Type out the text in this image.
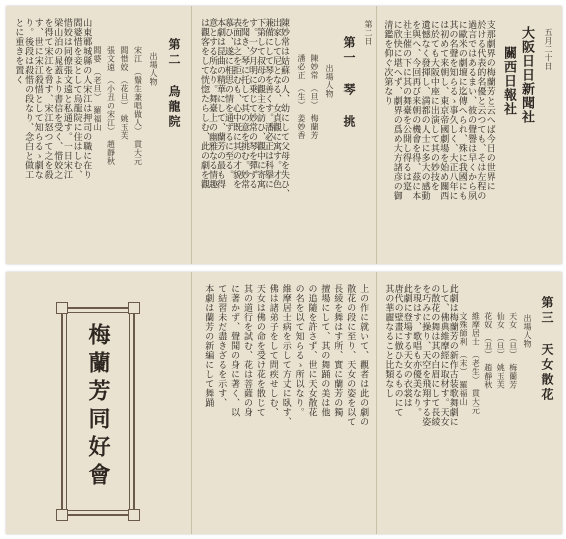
五月二十日
大阪日日新聞社
關西日報社
支那劇界の梅蘭芳と云へば今日の世界に
於ける代表的名優と云つても、そは左程の
過言ではあるまい、彼の聲譽は早くから夙
に歐米の劇壇に迄傳へられ、殊に我國にも
其の名聲を知らるゝ事久しく、大正八年に
は初めて来朝し、東京帝國劇場を始め關西
に於ても大阪中座に出演して其の妙技を
遺憾なく發揮し、満都の人士に多大の感動
を與へ、今回再び来朝の機會を得、茲に本
社主催の下に其の舞臺を公開し得るは寔
に欣快に堪へず、劇界の爲め大方諸彦の御
清鑑を仰ぐ次第なり
第二日
第一 琴 挑
出場人物
陳妙常　（旦）　梅蘭芳
潘必正　（生）　姜妙香
陳妙常は姑蘇の人、幼にして父母を失ひ、
出家して尼となる、女貞觀に寓す。才色
兼備にして琴を善くす。潘必正は科擧に
下第して叔母の觀主を訪ひ、觀中に寄寓
す。一夕月明に乗じて妙常の琴を彈ずる
を聞き、琴に托して其の意を挑む。妙常
表面は之を拒むも、心中既に其の才貌を
慕ひ、遂に相思の情を通ずるに至る。
本劇は昆曲の精華にして、蘭芳の最も得
意とする所なり。舞臺上の幽雅なる情趣
は觀客をして恍惚たらしむ、此の劇を觀
第二 烏龍院
出場人物
宋江　（鬚生兼唱做人）　貫大元
閻惜姣　（花旦）　姚玉芙
張文遠　（小丑の宋江）　趙靜秋
閻婆　（老旦）　羅福山
山東鄆城縣の人宋江は押司の職に在り
閻婆惜を妾として烏龍院に住はしむ、
惜姣は同僚張文遠と私通す。一日宋江
梁山泊の晁蓋より書信を受く、惜姣之
を得て宋江を脅す、宋江怒つて之を殺
す、世に宋江殺惜として知らるゝ劇な
り。後段は殺惜の段なり、念白と做工
とに重きを置く
梅蘭芳同好會	上の作に就いて、觀者は此の劇の
散花の段に至り、天女の姿を以て
長綾を舞はす所、實に蘭芳の獨
擅場にして、其の舞踊の美は他
の追隨を許さず、世に天女散花
の名を以て知らるゝ所以なり。
維摩居士病を示して方丈に臥す、
佛は諸弟子をして問疾せしむ、
天女は佛の命を受け花を散じて
其の道行を試む、花は菩薩の身
に著かず、聲聞の身に著く、以
て結習未だ盡きざるを示す、
本劇は蘭芳の新編にして舞踊	第三 天女散花
出場人物
天女　（旦）　梅蘭芳
仙女　（旦）　姚玉芙
花奴　（丑）　趙靜秋
維摩居士　（老生）　貫大元
文殊師利　（末）　羅福山
此劇は梅蘭芳の新作古装歌舞劇に
して、佛典維摩經に取材す。天女
の散花の舞は其の白眉にして長綾
を巧みに操り、天空を飛翔する姿
を現はす、歌唱も亦優美なり。
此劇に登場する天女の衣裳は
唐代の壁畫に倣ひたるものにて
其の華麗なること比類なし
